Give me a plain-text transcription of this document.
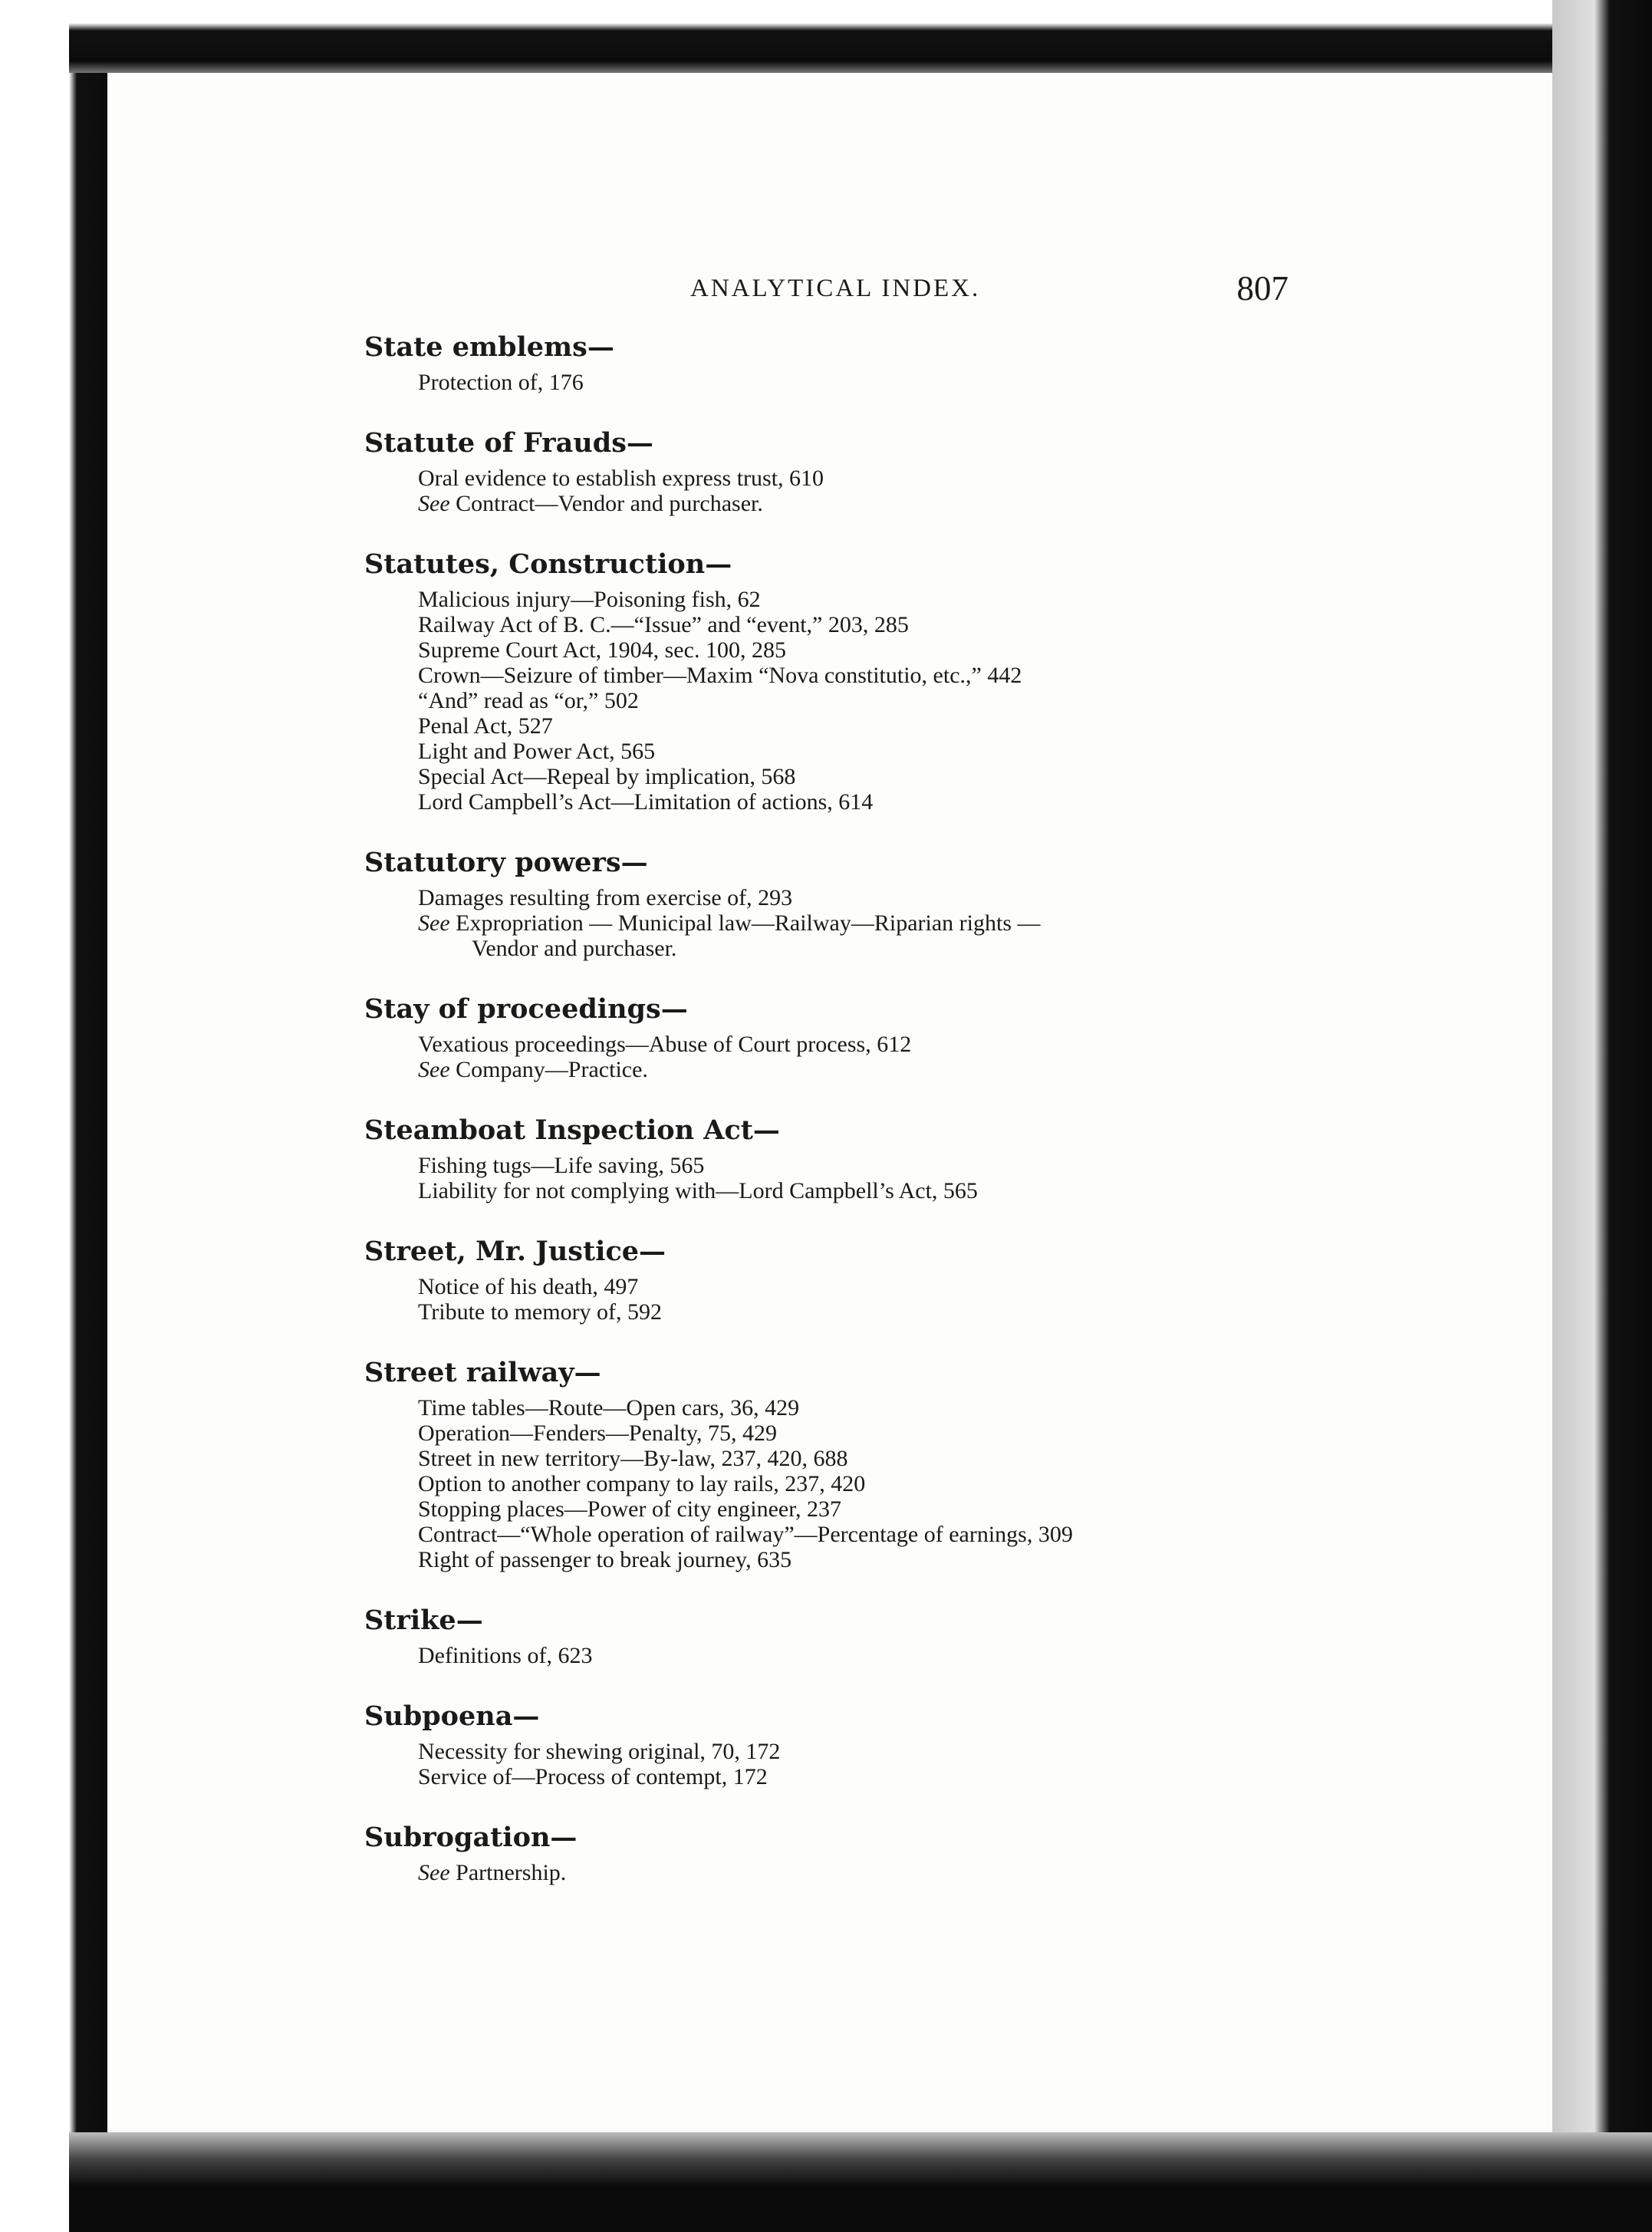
ANALYTICAL INDEX.	807
State emblems—
Protection of, 176
Statute of Frauds—
Oral evidence to establish express trust, 610
See Contract—Vendor and purchaser.
Statutes, Construction—
Malicious injury—Poisoning fish, 62
Railway Act of B. C.—“Issue” and “event,” 203, 285
Supreme Court Act, 1904, sec. 100, 285
Crown—Seizure of timber—Maxim “Nova constitutio, etc.,” 442
“And” read as “or,” 502
Penal Act, 527
Light and Power Act, 565
Special Act—Repeal by implication, 568
Lord Campbell’s Act—Limitation of actions, 614
Statutory powers—
Damages resulting from exercise of, 293
See Expropriation — Municipal law—Railway—Riparian rights —
Vendor and purchaser.
Stay of proceedings—
Vexatious proceedings—Abuse of Court process, 612
See Company—Practice.
Steamboat Inspection Act—
Fishing tugs—Life saving, 565
Liability for not complying with—Lord Campbell’s Act, 565
Street, Mr. Justice—
Notice of his death, 497
Tribute to memory of, 592
Street railway—
Time tables—Route—Open cars, 36, 429
Operation—Fenders—Penalty, 75, 429
Street in new territory—By-law, 237, 420, 688
Option to another company to lay rails, 237, 420
Stopping places—Power of city engineer, 237
Contract—“Whole operation of railway”—Percentage of earnings, 309
Right of passenger to break journey, 635
Strike—
Definitions of, 623
Subpoena—
Necessity for shewing original, 70, 172
Service of—Process of contempt, 172
Subrogation—
See Partnership.
